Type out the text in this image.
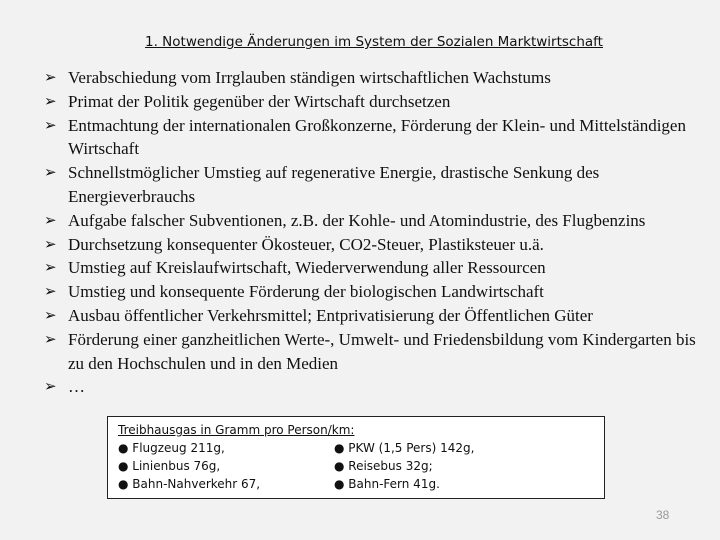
1. Notwendige Änderungen im System der Sozialen Marktwirtschaft
➢ Verabschiedung vom Irrglauben ständigen wirtschaftlichen Wachstums
➢ Primat der Politik gegenüber der Wirtschaft durchsetzen
➢ Entmachtung der internationalen Großkonzerne, Förderung der Klein- und Mittelständigen Wirtschaft
➢ Schnellstmöglicher Umstieg auf regenerative Energie, drastische Senkung des Energieverbrauchs
➢ Aufgabe falscher Subventionen, z.B. der Kohle- und Atomindustrie, des Flugbenzins
➢ Durchsetzung konsequenter Ökosteuer, CO2-Steuer, Plastiksteuer u.ä.
➢ Umstieg auf Kreislaufwirtschaft, Wiederverwendung aller Ressourcen
➢ Umstieg und konsequente Förderung der biologischen Landwirtschaft
➢ Ausbau öffentlicher Verkehrsmittel; Entprivatisierung der Öffentlichen Güter
➢ Förderung einer ganzheitlichen Werte-, Umwelt- und Friedensbildung vom Kindergarten bis zu den Hochschulen und in den Medien
➢ …
Treibhausgas in Gramm pro Person/km:
● Flugzeug 211g,	● PKW (1,5 Pers) 142g,
● Linienbus 76g,	● Reisebus 32g;
● Bahn-Nahverkehr 67,	● Bahn-Fern 41g.
38
